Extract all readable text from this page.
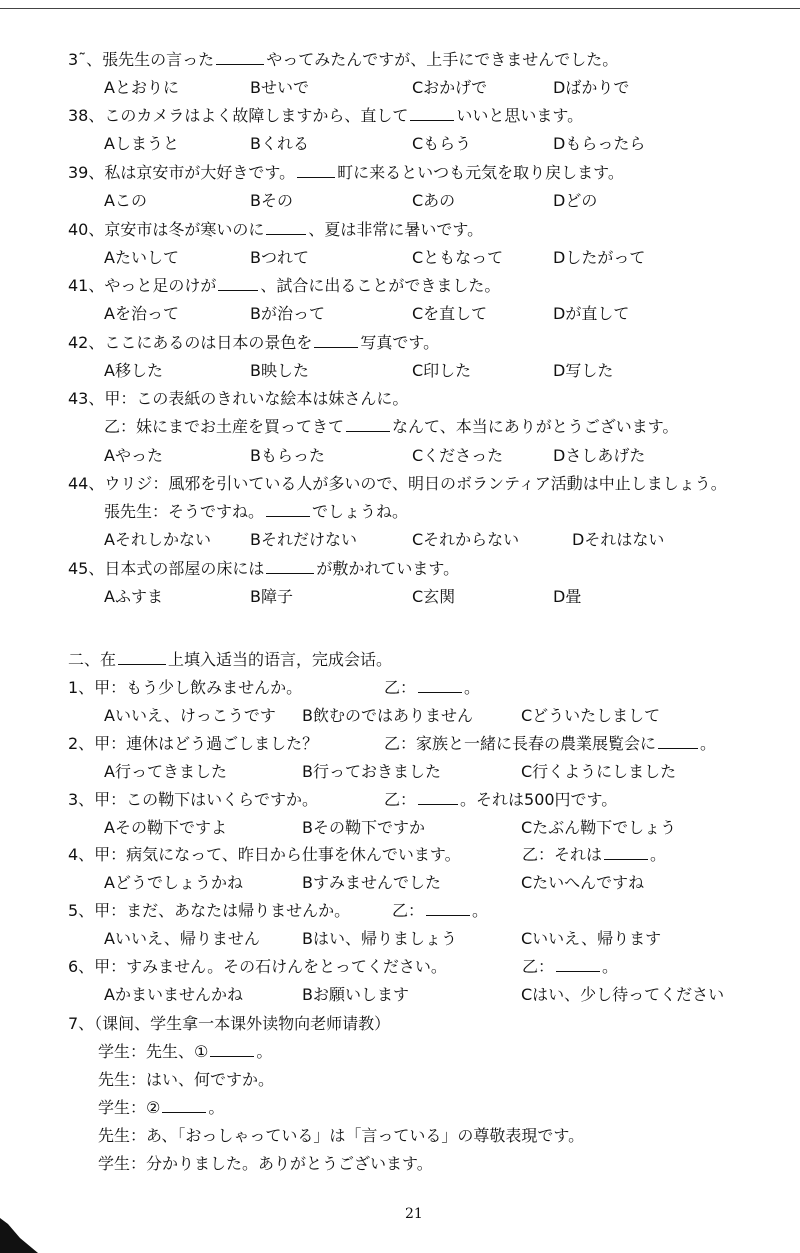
3˜、張先生の言った	やってみたんですが、上手にできませんでした。
Aとおりに	Bせいで	Cおかげで	Dばかりで
38、このカメラはよく故障しますから、直して	いいと思います。
Aしまうと	Bくれる	Cもらう	Dもらったら
39、私は京安市が大好きです。	町に来るといつも元気を取り戻します。
Aこの	Bその	Cあの	Dどの
40、京安市は冬が寒いのに	、夏は非常に暑いです。
Aたいして	Bつれて	Cともなって	Dしたがって
41、やっと足のけが	、試合に出ることができました。
Aを治って	Bが治って	Cを直して	Dが直して
42、ここにあるのは日本の景色を	写真です。
A移した	B映した	C印した	D写した
43、甲：この表紙のきれいな絵本は妹さんに。
乙：妹にまでお土産を買ってきて	なんて、本当にありがとうございます。
Aやった	Bもらった	Cくださった	Dさしあげた
44、ウリジ：風邪を引いている人が多いので、明日のボランティア活動は中止しましょう。
張先生：そうですね。	でしょうね。
Aそれしかない Bそれだけない	Cそれからない	Dそれはない
45、日本式の部屋の床には	が敷かれています。
Aふすま	B障子	C玄関	D畳
二、在	上填入适当的语言，完成会话。
1、甲：もう少し飲みませんか。	乙：	。
Aいいえ、けっこうです B飲むのではありません	Cどういたしまして
2、甲：連休はどう過ごしました？	乙：家族と一緒に長春の農業展覧会に	。
A行ってきました	B行っておきました	C行くようにしました
3、甲：この靿下はいくらですか。	乙：	。それは500円です。
Aその靿下ですよ	Bその靿下ですか	Cたぶん靿下でしょう
4、甲：病気になって、昨日から仕事を休んでいます。	乙：それは	。
Aどうでしょうかね	Bすみませんでした	Cたいへんですね
5、甲：まだ、あなたは帰りませんか。	乙：	。
Aいいえ、帰りません	Bはい、帰りましょう	Cいいえ、帰ります
6、甲：すみません。その石けんをとってください。	乙：	。
Aかまいませんかね	Bお願いします	Cはい、少し待ってください
7、（课间、学生拿一本课外读物向老师请教）
学生：先生、①	。
先生：はい、何ですか。
学生：②	。
先生：あ、「おっしゃっている」は「言っている」の尊敬表現です。
学生：分かりました。ありがとうございます。
21
